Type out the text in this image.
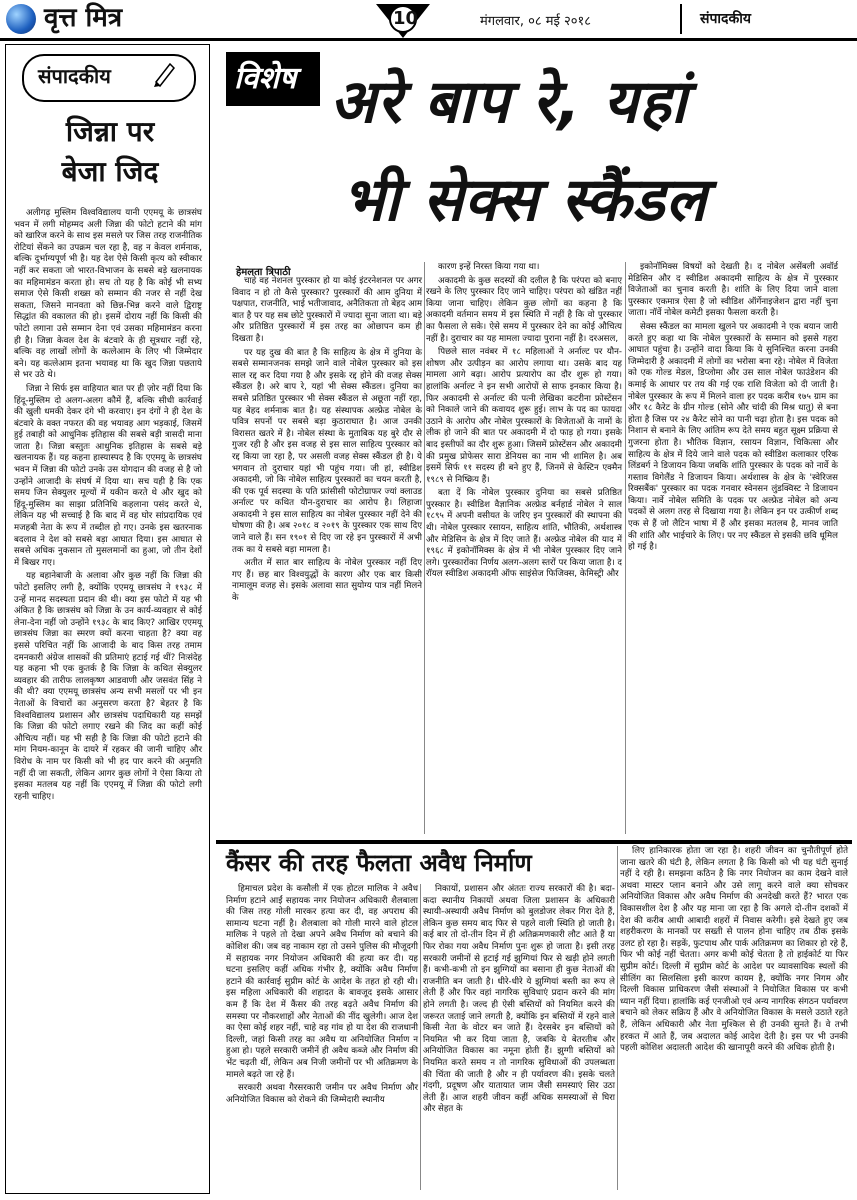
वृत्त मित्र	10	मंगलवार, ०८ मई २०१८	संपादकीय
संपादकीय
जिन्ना पर
बेजा जिद

अलीगढ़ मुस्लिम विश्वविद्यालय यानी एएमयू के छात्रसंघ भवन में लगी मोहम्मद अली जिन्ना की फोटो हटाने की मांग को खारिज करने के साथ इस मसले पर जिस तरह राजनीतिक रोटियां सेंकने का उपक्रम चल रहा है, वह न केवल शर्मनाक, बल्कि दुर्भाग्यपूर्ण भी है। यह देश ऐसे किसी कृत्य को स्वीकार नहीं कर सकता जो भारत-विभाजन के सबसे बड़े खलनायक का महिमामंडन करता हो। सच तो यह है कि कोई भी सभ्य समाज ऐसे किसी शख्स को सम्मान की नजर से नहीं देख सकता, जिसने मानवता को छिन्न-भिन्न करने वाले द्विराष्ट्र सिद्धांत की वकालत की हो। इसमें दोराय नहीं कि किसी की फोटो लगाना उसे सम्मान देना एवं उसका महिमामंडन करना ही है। जिन्ना केवल देश के बंटवारे के ही सूत्रधार नहीं रहे, बल्कि वह लाखों लोगों के कत्लेआम के लिए भी जिम्मेदार बने। यह कत्लेआम इतना भयावह था कि खुद जिन्ना पछताये से भर उठे थे।

जिन्ना ने सिर्फ इस वाहियात बात पर ही ज़ोर नहीं दिया कि हिंदू-मुस्लिम दो अलग-अलग कौमें हैं, बल्कि सीधी कार्रवाई की खुली धमकी देकर दंगे भी करवाए। इन दंगों ने ही देश के बंटवारे के वक्त नफरत की वह भयावह आग भड़काई, जिसमें हुई तबाही को आधुनिक इतिहास की सबसे बड़ी त्रासदी माना जाता है। जिन्ना बस्तुतः आधुनिक इतिहास के सबसे बड़े खलनायक हैं। यह कहना हास्यास्पद है कि एएमयू के छात्रसंघ भवन में जिन्ना की फोटो उनके उस योगदान की वजह से है जो उन्होंने आजादी के संघर्ष में दिया था। सच यही है कि एक समय जिन सेक्युलर मूल्यों में यकीन करते थे और खुद को हिंदू-मुस्लिम का साझा प्रतिनिधि कहलाना पसंद करते थे, लेकिन यह भी सच्चाई है कि बाद में वह घोर सांप्रदायिक एवं मजहबी नेता के रूप में तब्दील हो गए। उनके इस खतरनाक बदलाव ने देश को सबसे बड़ा आघात दिया। इस आघात से सबसे अधिक नुकसान तो मुसलमानों का हुआ, जो तीन देशों में बिखर गए।

यह बहानेबाजी के अलावा और कुछ नहीं कि जिन्ना की फोटो इसलिए लगी है, क्योंकि एएमयू छात्रसंघ ने १९३८ में उन्हें मानद सदस्यता प्रदान की थी। क्या इस फोटो में यह भी अंकित है कि छात्रसंघ को जिन्ना के उन कार्य-व्यवहार से कोई लेना-देना नहीं जो उन्होंने १९३८ के बाद किए? आखिर एएमयू छात्रसंघ जिन्ना का स्मरण क्यों करना चाहता है? क्या वह इससे परिचित नहीं कि आजादी के बाद किस तरह तमाम दमनकारी अंग्रेज शासकों की प्रतिमाएं हटाई गई थीं? निःसंदेह यह कहना भी एक कुतर्क है कि जिन्ना के कथित सेक्युलर व्यवहार की तारीफ लालकृष्ण आडवाणी और जसवंत सिंह ने की थी? क्या एएमयू छात्रसंघ अन्य सभी मसलों पर भी इन नेताओं के विचारों का अनुसरण करता है? बेहतर है कि विश्वविद्यालय प्रशासन और छात्रसंघ पदाधिकारी यह समझें कि जिन्ना की फोटो लगाए रखने की जिद का कहीं कोई औचित्य नहीं। यह भी सही है कि जिन्ना की फोटो हटाने की मांग नियम-कानून के दायरे में रहकर की जानी चाहिए और विरोध के नाम पर किसी को भी हद पार करने की अनुमति नहीं दी जा सकती, लेकिन आगर कुछ लोगों ने ऐसा किया तो इसका मतलब यह नहीं कि एएमयू में जिन्ना की फोटो लगी रहनी चाहिए।

विशेष अरे बाप रे, यहां
भी सेक्स स्कैंडल
हेमलता त्रिपाठी

चाहे वह नेशनल पुरस्कार हो या कोई इंटरनेशनल पर अगर विवाद न हो तो कैसे पुरस्कार? पुरस्कारों की आम दुनिया में पक्षपात, राजनीति, भाई भतीजावाद, अनैतिकता तो बेहद आम बात है पर यह सब छोटे पुरस्कारों में ज्यादा सुना जाता था। बड़े और प्रतिष्ठित पुरस्कारों में इस तरह का ओछापन कम ही दिखता है।

पर यह दुख की बात है कि साहित्य के क्षेत्र में दुनिया के सबसे सम्मानजनक समझे जाने वाले नोबेल पुरस्कार को इस साल रद्द कर दिया गया है और इसके रद्द होने की वजह सेक्स स्कैंडल है। अरे बाप रे, यहां भी सेक्स स्कैंडल। दुनिया का सबसे प्रतिष्ठित पुरस्कार भी सेक्स स्कैंडल से अछूता नहीं रहा, यह बेहद शर्मनाक बात है। यह संस्थापक अल्फ्रेड नोबेल के पवित्र सपनों पर सबसे बड़ा कुठाराघात है। आज उनकी विरासत खतरे में है। नोबेल संस्था के मुताबिक यह बुरे दौर से गुजर रही है और इस वजह से इस साल साहित्य पुरस्कार को रद्द किया जा रहा है, पर असली वजह सेक्स स्कैंडल ही है। ये भगवान तो दुराचार यहां भी पहुंच गया। जी हां, स्वीडिश अकादमी, जो कि नोबेल साहित्य पुरस्कारों का चयन करती है, की एक पूर्व सदस्या के पति फ्रांसीसी फोटोग्राफर ज्यां क्लाउड अर्नाल्ट पर कथित यौन-दुराचार का आरोप है। लिहाजा अकादमी ने इस साल साहित्य का नोबेल पुरस्कार नहीं देने की घोषणा की है। अब २०१८ व २०१९ के पुरस्कार एक साथ दिए जाने वाले हैं। सन १९०१ से दिए जा रहे इन पुरस्कारों में अभी तक का ये सबसे बड़ा मामला है।

अतीत में सात बार साहित्य के नोबेल पुरस्कार नहीं दिए गए हैं। छह बार विश्वयुद्धों के कारण और एक बार किसी नामालूम वजह से। इसके अलावा सात सुयोग्य पात्र नहीं मिलने के

कारण इन्हें निरस्त किया गया था।

अकादमी के कुछ सदस्यों की दलील है कि परंपरा को बनाए रखने के लिए पुरस्कार दिए जाने चाहिए। परंपरा को खंडित नहीं किया जाना चाहिए। लेकिन कुछ लोगों का कहना है कि अकादमी वर्तमान समय में इस स्थिति में नहीं है कि वो पुरस्कार का फैसला ले सके। ऐसे समय में पुरस्कार देने का कोई औचित्य नहीं है। दुराचार का यह मामला ज्यादा पुराना नहीं है। दरअसल,

पिछले साल नवंबर में १८ महिलाओं ने अर्नाल्ट पर यौन-शोषण और उत्पीड़न का आरोप लगाया था। उसके बाद यह मामला आगे बढ़ा। आरोप प्रत्यारोप का दौर शुरू हो गया। हालांकि अर्नाल्ट ने इन सभी आरोपों से साफ इनकार किया है। फिर अकादमी से अर्नाल्ट की पत्नी लेखिका कटरीना फ्रोस्टेंसन को निकाले जाने की कवायद शुरू हुई। लाभ के पद का फायदा उठाने के आरोप और नोबेल पुरस्कारों के विजेताओं के नामों के लीक हो जाने की बात पर अकादमी में दो फाड़ हो गया। इसके बाद इस्तीफों का दौर शुरू हुआ। जिसमें फ्रोस्टेंसन और अकादमी की प्रमुख प्रोफेसर सारा डेनियस का नाम भी शामिल है। अब इसमें सिर्फ ११ सदस्य ही बने हुए हैं, जिनमें से केस्टिन एक्मैन १९८९ से निष्क्रिय हैं।

बता दें कि नोबेल पुरस्कार दुनिया का सबसे प्रतिष्ठित पुरस्कार है। स्वीडिश वैज्ञानिक अल्फ्रेड बर्नहार्ड नोबेल ने साल १८९५ में अपनी वसीयत के जरिए इन पुरस्कारों की स्थापना की थी। नोबेल पुरस्कार रसायन, साहित्य शांति, भौतिकी, अर्थशास्त्र और मेडिसिन के क्षेत्र में दिए जाते हैं। अल्फ्रेड नोबेल की याद में १९६८ में इकोनॉमिक्स के क्षेत्र में भी नोबेल पुरस्कार दिए जाने लगे। पुरस्कारोंका निर्णय अलग-अलग स्तरों पर किया जाता है। द रॉयल स्वीडिश अकादमी ऑफ साइंसेज फिजिक्स, केमिस्ट्री और

इकोनॉमिक्स विषयों को देखती है। द नोबेल असेंबली अवॉर्ड मेडिसिन और द स्वीडिश अकादमी साहित्य के क्षेत्र में पुरस्कार विजेताओं का चुनाव करती है। शांति के लिए दिया जाने वाला पुरस्कार एकमात्र ऐसा है जो स्वीडिश ऑर्गेनाइजेशन द्वारा नहीं चुना जाता। नॉर्वे नोबेल कमेटी इसका फैसला करती है।

सेक्स स्कैंडल का मामला खुलने पर अकादमी ने एक बयान जारी करते हुए कहा था कि नोबेल पुरस्कारों के सम्मान को इससे गहरा आघात पहुंचा है। उन्होंने वादा किया कि ये सुनिश्चित करना उनकी जिम्मेदारी है अकादमी में लोगों का भरोसा बना रहे। नोबेल में विजेता को एक गोल्ड मेडल, डिप्लोमा और उस साल नोबेल फाउंडेशन की कमाई के आधार पर तय की गई एक राशि विजेता को दी जाती है। नोबेल पुरस्कार के रूप में मिलने वाला हर पदक करीब १७५ ग्राम का और १८ कैरेट के ग्रीन गोल्ड (सोने और चांदी की मिश्र धातु) से बना होता है जिस पर २४ कैरेट सोने का पानी चढ़ा होता है। इस पदक को निशान से बनाने के लिए आंतिम रूप देते समय बहुत सूक्ष्म प्रक्रिया से गुजरना होता है। भौतिक विज्ञान, रसायन विज्ञान, चिकित्सा और साहित्य के क्षेत्र में दिये जाने वाले पदक को स्वीडिश कलाकार एरिक लिंडबर्ग ने डिजायन किया जबकि शांति पुरस्कार के पदक को नार्वे के गस्ताव विगेलैंड ने डिजायन किया। अर्थशास्त्र के क्षेत्र के 'स्वेरिजस रिक्सबैंक' पुरस्कार का पदक गनवार स्वेनसन लुंडक्विस्ट ने डिजायन किया। नार्वे नोबेल समिति के पदक पर अल्फ्रेड नोबेल को अन्य पदकों से अलग तरह से दिखाया गया है। लेकिन इन पर उत्कीर्ण शब्द एक से हैं जो लैटिन भाषा में हैं और इसका मतलब है, मानव जाति की शांति और भाईचारे के लिए। पर नए स्कैंडल से इसकी छवि धूमिल हो गई है।

कैंसर की तरह फैलता अवैध निर्माण

हिमाचल प्रदेश के कसौली में एक होटल मालिक ने अवैध निर्माण हटाने आईं सहायक नगर नियोजन अधिकारी शैलबाला की जिस तरह गोली मारकर हत्या कर दी, वह अपराध की सामान्य घटना नहीं है। शैलबाला को गोली मारने वाले होटल मालिक ने पहले तो देखा अपने अवैध निर्माण को बचाने की कोशिश की। जब वह नाकाम रहा तो उसने पुलिस की मौजूदगी में सहायक नगर नियोजन अधिकारी की हत्या कर दी। यह घटना इसलिए कहीं अधिक गंभीर है, क्योंकि अवैध निर्माण हटाने की कार्रवाई सुप्रीम कोर्ट के आदेश के तहत हो रही थी। इस महिला अधिकारी की शहादत के बावजूद इसके आसार कम हैं कि देश में कैंसर की तरह बढ़ते अवैध निर्माण की समस्या पर नौकरशाहों और नेताओं की नींद खुलेगी। आज देश का ऐसा कोई शहर नहीं, चाहे वह गांव हो या देश की राजधानी दिल्ली, जहां किसी तरह का अवैध या अनियोजित निर्माण न हुआ हो। पहले सरकारी जमीनें ही अवैध कब्जे और निर्माण की भेंट चढ़ती थीं, लेकिन अब निजी जमीनों पर भी अतिक्रमण के मामले बढ़ते जा रहे हैं।

सरकारी अथवा गैरसरकारी जमीन पर अवैध निर्माण और अनियोजित विकास को रोकने की जिम्मेदारी स्थानीय

निकायों, प्रशासन और अंततः राज्य सरकारों की है। बदा-कदा स्थानीय निकायों अथवा जिला प्रशासन के अधिकारी स्थायी-अस्थायी अवैध निर्माण को बुलडोजर लेकर गिरा देते हैं, लेकिन कुछ समय बाद फिर से पहले वाली स्थिति हो जाती है। कई बार तो दो-तीन दिन में ही अतिक्रमणकारी लौट आते हैं या फिर रोका गया अवैध निर्माण पुनः शुरू हो जाता है। इसी तरह सरकारी जमीनों से हटाई गई झुग्गियां फिर से खड़ी होने लगती हैं। कभी-कभी तो इन झुग्गियों का बसाना ही कुछ नेताओं की राजनीति बन जाती है। धीरे-धीरे ये झुग्गियां बस्ती का रूप ले लेती हैं और फिर वहां नागरिक सुविधाएं प्रदान करने की मांग होने लगती है। जल्द ही ऐसी बस्तियों को नियमित करने की जरूरत जताई जाने लगती है, क्योंकि इन बस्तियों में रहने वाले किसी नेता के वोटर बन जाते हैं। देरसबेर इन बस्तियों को नियमित भी कर दिया जाता है, जबकि ये बेतरतीब और अनियोजित विकास का नमूना होती हैं। झुग्गी बस्तियों को नियमित करते समय न तो नागरिक सुविधाओं की उपलब्धता की चिंता की जाती है और न ही पर्यावरण की। इसके चलते गंदगी, प्रदूषण और यातायात जाम जैसी समस्याएं सिर उठा लेती हैं। आज शहरी जीवन कहीं अधिक समस्याओं से घिरा और सेहत के

लिए हानिकारक होता जा रहा है। शहरी जीवन का चुनौतीपूर्ण होते जाना खतरे की घंटी है, लेकिन लगता है कि किसी को भी यह घंटी सुनाई नहीं दे रही है। समझना कठिन है कि नगर नियोजन का काम देखने वाले अथवा मास्टर प्लान बनाने और उसे लागू करने वाले क्या सोचकर अनियोजित विकास और अवैध निर्माण की अनदेखी करते हैं? भारत एक विकासशील देश है और यह माना जा रहा है कि अगले दो-तीन दशकों में देश की करीब आधी आबादी शहरों में निवास करेगी। इसे देखते हुए जब शहरीकरण के मानकों पर सख्ती से पालन होना चाहिए तब ठीक इसके उलट हो रहा है। सड़कें, फुटपाथ और पार्क अतिक्रमण का शिकार हो रहे हैं, फिर भी कोई नहीं चेतता। अगर कभी कोई चेतता है तो हाईकोर्ट या फिर सुप्रीम कोर्ट। दिल्ली में सुप्रीम कोर्ट के आदेश पर व्यावसायिक स्थलों की सीलिंग का सिलसिला इसी कारण कायम है, क्योंकि नगर निगम और दिल्ली विकास प्राधिकरण जैसी संस्थाओं ने नियोजित विकास पर कभी ध्यान नहीं दिया। हालांकि कई एनजीओ एवं अन्य नागरिक संगठन पर्यावरण बचाने को लेकर सक्रिय हैं और वे अनियोजित विकास के मसले उठाते रहते हैं, लेकिन अधिकारी और नेता मुश्किल से ही उनकी सुनते हैं। वे तभी हरकत में आते हैं, जब अदालत कोई आदेश देती है। इस पर भी उनकी पहली कोशिश अदालती आदेश की खानापूरी करने की अधिक होती है।
